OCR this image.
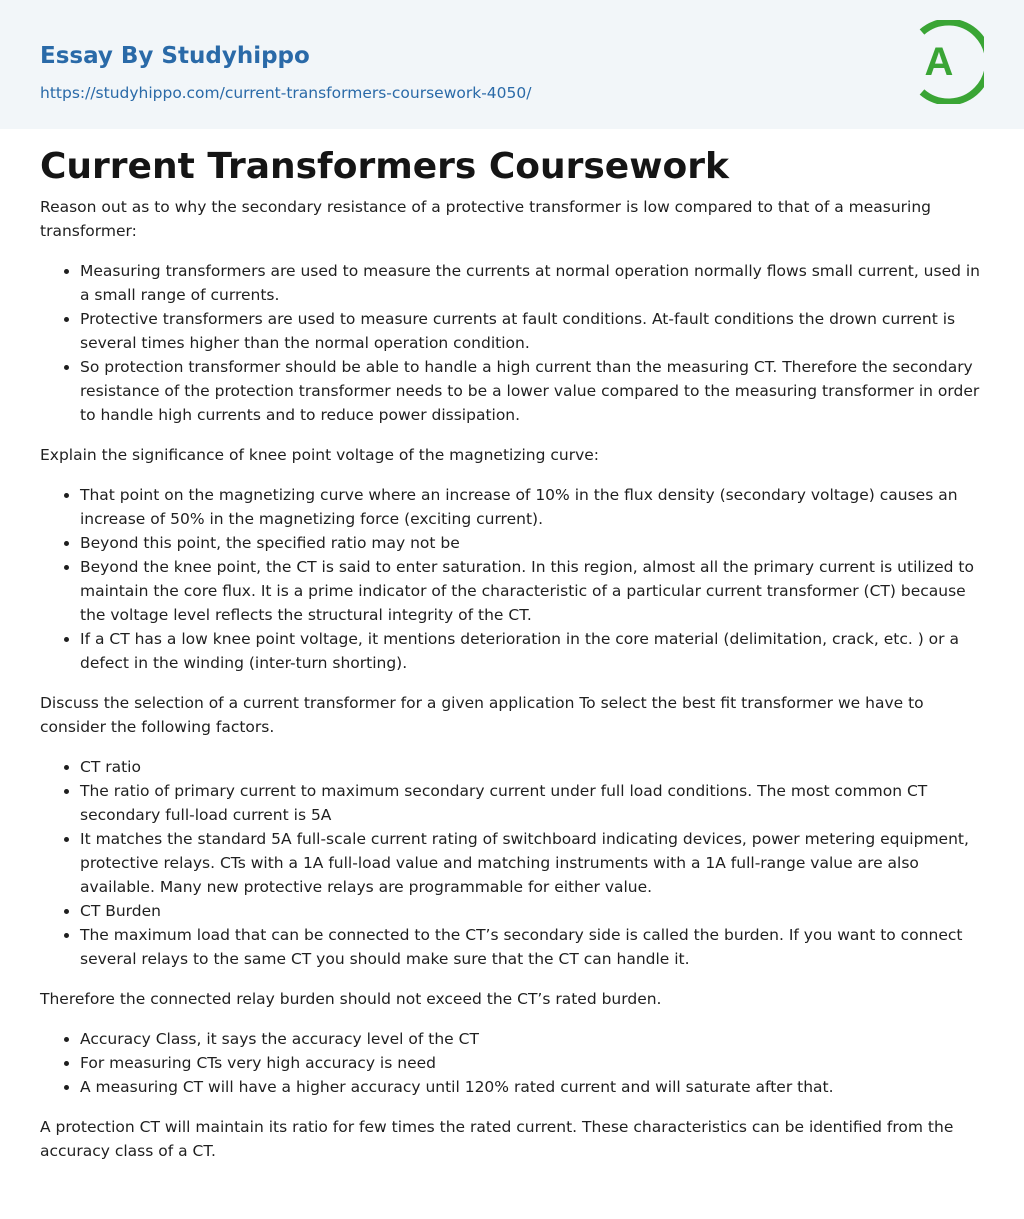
Essay By Studyhippo
https://studyhippo.com/current-transformers-coursework-4050/
A
Current Transformers Coursework

Reason out as to why the secondary resistance of a protective transformer is low compared to that of a measuring transformer:

• Measuring transformers are used to measure the currents at normal operation normally flows small current, used in a small range of currents.
• Protective transformers are used to measure currents at fault conditions. At-fault conditions the drown current is several times higher than the normal operation condition.
• So protection transformer should be able to handle a high current than the measuring CT. Therefore the secondary resistance of the protection transformer needs to be a lower value compared to the measuring transformer in order to handle high currents and to reduce power dissipation.

Explain the significance of knee point voltage of the magnetizing curve:

• That point on the magnetizing curve where an increase of 10% in the flux density (secondary voltage) causes an increase of 50% in the magnetizing force (exciting current).
• Beyond this point, the specified ratio may not be
• Beyond the knee point, the CT is said to enter saturation. In this region, almost all the primary current is utilized to maintain the core flux. It is a prime indicator of the characteristic of a particular current transformer (CT) because the voltage level reflects the structural integrity of the CT.
• If a CT has a low knee point voltage, it mentions deterioration in the core material (delimitation, crack, etc. ) or a defect in the winding (inter-turn shorting).

Discuss the selection of a current transformer for a given application To select the best fit transformer we have to consider the following factors.

• CT ratio
• The ratio of primary current to maximum secondary current under full load conditions. The most common CT secondary full-load current is 5A
• It matches the standard 5A full-scale current rating of switchboard indicating devices, power metering equipment, protective relays. CTs with a 1A full-load value and matching instruments with a 1A full-range value are also available. Many new protective relays are programmable for either value.
• CT Burden
• The maximum load that can be connected to the CT’s secondary side is called the burden. If you want to connect several relays to the same CT you should make sure that the CT can handle it.

Therefore the connected relay burden should not exceed the CT’s rated burden.

• Accuracy Class, it says the accuracy level of the CT
• For measuring CTs very high accuracy is need
• A measuring CT will have a higher accuracy until 120% rated current and will saturate after that.

A protection CT will maintain its ratio for few times the rated current. These characteristics can be identified from the accuracy class of a CT.
